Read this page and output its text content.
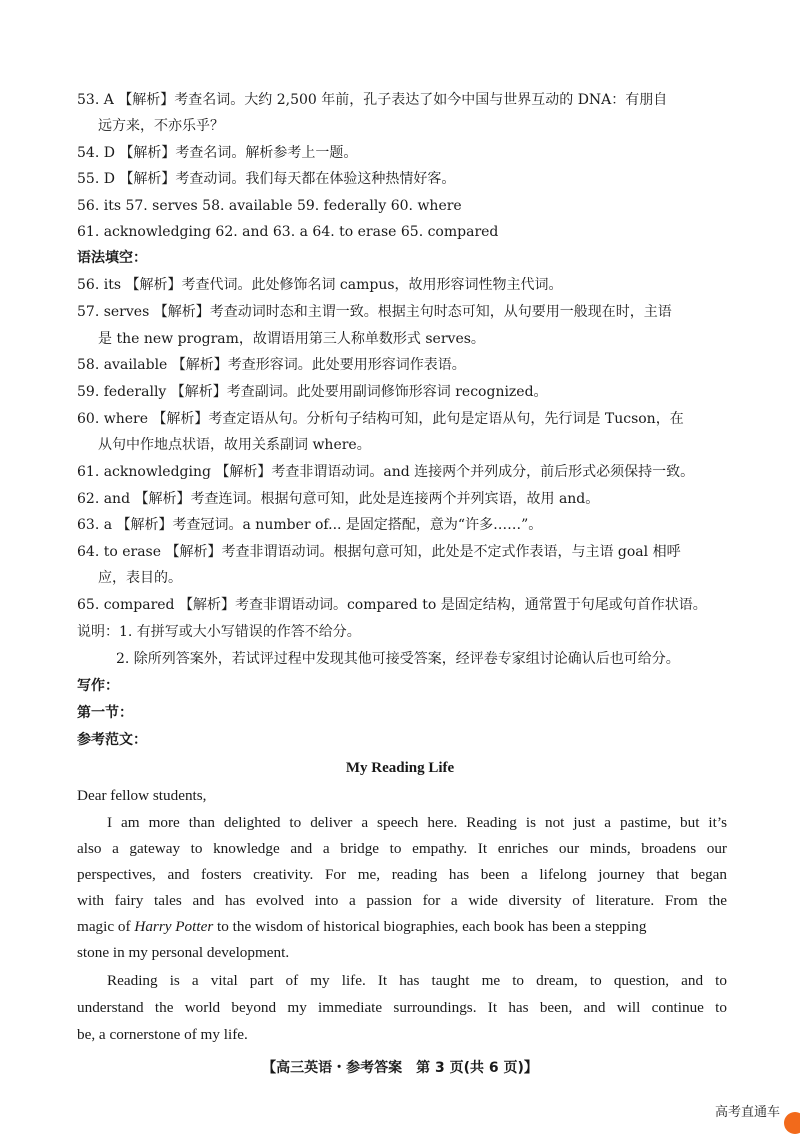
53. A 【解析】考查名词。大约 2,500 年前，孔子表达了如今中国与世界互动的 DNA：有朋自
远方来，不亦乐乎？
54. D 【解析】考查名词。解析参考上一题。
55. D 【解析】考查动词。我们每天都在体验这种热情好客。
56. its 57. serves 58. available 59. federally 60. where
61. acknowledging 62. and 63. a 64. to erase 65. compared
语法填空：
56. its 【解析】考查代词。此处修饰名词 campus，故用形容词性物主代词。
57. serves 【解析】考查动词时态和主谓一致。根据主句时态可知，从句要用一般现在时，主语
是 the new program，故谓语用第三人称单数形式 serves。
58. available 【解析】考查形容词。此处要用形容词作表语。
59. federally 【解析】考查副词。此处要用副词修饰形容词 recognized。
60. where 【解析】考查定语从句。分析句子结构可知，此句是定语从句，先行词是 Tucson，在
从句中作地点状语，故用关系副词 where。
61. acknowledging 【解析】考查非谓语动词。and 连接两个并列成分，前后形式必须保持一致。
62. and 【解析】考查连词。根据句意可知，此处是连接两个并列宾语，故用 and。
63. a 【解析】考查冠词。a number of... 是固定搭配，意为“许多……”。
64. to erase 【解析】考查非谓语动词。根据句意可知，此处是不定式作表语，与主语 goal 相呼
应，表目的。
65. compared 【解析】考查非谓语动词。compared to 是固定结构，通常置于句尾或句首作状语。
说明：1. 有拼写或大小写错误的作答不给分。
2. 除所列答案外，若试评过程中发现其他可接受答案，经评卷专家组讨论确认后也可给分。
写作：
第一节：
参考范文：
My Reading Life
Dear fellow students,
I am more than delighted to deliver a speech here. Reading is not just a pastime, but it’s
also a gateway to knowledge and a bridge to empathy. It enriches our minds, broadens our
perspectives, and fosters creativity. For me, reading has been a lifelong journey that began
with fairy tales and has evolved into a passion for a wide diversity of literature. From the
magic of Harry Potter to the wisdom of historical biographies, each book has been a stepping
stone in my personal development.
Reading is a vital part of my life. It has taught me to dream, to question, and to
understand the world beyond my immediate surroundings. It has been, and will continue to
be, a cornerstone of my life.
【高三英语・参考答案　第 3 页(共 6 页)】
高考直通车
